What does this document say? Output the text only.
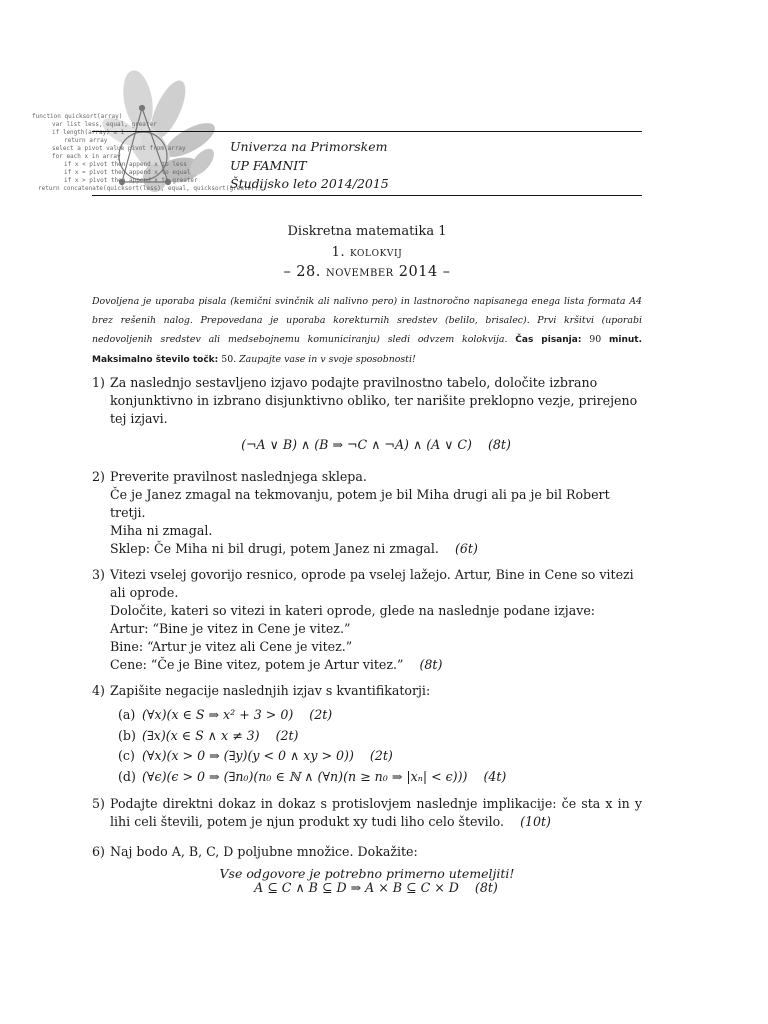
function quicksort(array)
var list less, equal, greater
if length(array) ≤ 1
return array
select a pivot value pivot from array
for each x in array
if x < pivot then append x to less
if x = pivot then append x to equal
if x > pivot then append x to greater
return concatenate(quicksort(less), equal, quicksort(greater))
Univerza na Primorskem
UP FAMNIT
Študijsko leto 2014/2015
Diskretna matematika 1
1. kolokvij
– 28. november 2014 –
Dovoljena je uporaba pisala (kemični svinčnik ali nalivno pero) in lastnoročno napisanega enega lista formata A4 brez rešenih nalog. Prepovedana je uporaba korekturnih sredstev (belilo, brisalec). Prvi kršitvi (uporabi nedovoljenih sredstev ali medsebojnemu komuniciranju) sledi odvzem kolokvija. Čas pisanja: 90 minut. Maksimalno število točk: 50. Zaupajte vase in v svoje sposobnosti!
1) Za naslednjo sestavljeno izjavo podajte pravilnostno tabelo, določite izbrano konjunktivno in izbrano disjunktivno obliko, ter narišite preklopno vezje, prirejeno tej izjavi.
(¬A ∨ B) ∧ (B ⇒ ¬C ∧ ¬A) ∧ (A ∨ C) (8t)
2) Preverite pravilnost naslednjega sklepa.
Če je Janez zmagal na tekmovanju, potem je bil Miha drugi ali pa je bil Robert tretji.
Miha ni zmagal.
Sklep: Če Miha ni bil drugi, potem Janez ni zmagal. (6t)
3) Vitezi vselej govorijo resnico, oprode pa vselej lažejo. Artur, Bine in Cene so vitezi ali oprode.
Določite, kateri so vitezi in kateri oprode, glede na naslednje podane izjave:
Artur: “Bine je vitez in Cene je vitez.”
Bine: “Artur je vitez ali Cene je vitez.”
Cene: “Če je Bine vitez, potem je Artur vitez.” (8t)
4) Zapišite negacije naslednjih izjav s kvantifikatorji:
(a) (∀x)(x ∈ S ⇒ x² + 3 > 0) (2t)
(b) (∃x)(x ∈ S ∧ x ≠ 3) (2t)
(c) (∀x)(x > 0 ⇒ (∃y)(y < 0 ∧ xy > 0)) (2t)
(d) (∀ϵ)(ϵ > 0 ⇒ (∃n₀)(n₀ ∈ ℕ ∧ (∀n)(n ≥ n₀ ⇒ |xₙ| < ϵ))) (4t)
5) Podajte direktni dokaz in dokaz s protislovjem naslednje implikacije: če sta x in y lihi celi števili, potem je njun produkt xy tudi liho celo število. (10t)
6) Naj bodo A, B, C, D poljubne množice. Dokažite:
A ⊆ C ∧ B ⊆ D ⇒ A × B ⊆ C × D (8t)
Vse odgovore je potrebno primerno utemeljiti!
